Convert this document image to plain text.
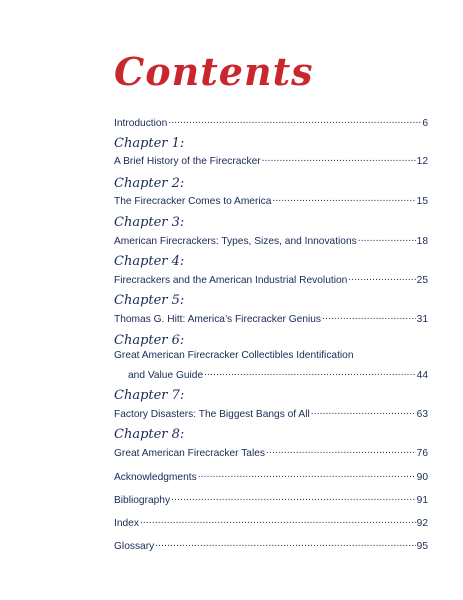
Contents
Introduction .....	6
Chapter 1:
A Brief History of the Firecracker .....	12
Chapter 2:
The Firecracker Comes to America .....	15
Chapter 3:
American Firecrackers: Types, Sizes, and Innovations .....	18
Chapter 4:
Firecrackers and the American Industrial Revolution .....	25
Chapter 5:
Thomas G. Hitt: America’s Firecracker Genius .....	31
Chapter 6:
Great American Firecracker Collectibles Identification
and Value Guide .....	44
Chapter 7:
Factory Disasters: The Biggest Bangs of All .....	63
Chapter 8:
Great American Firecracker Tales .....	76
Acknowledgments .....	90
Bibliography .....	91
Index .....	92
Glossary .....	95
